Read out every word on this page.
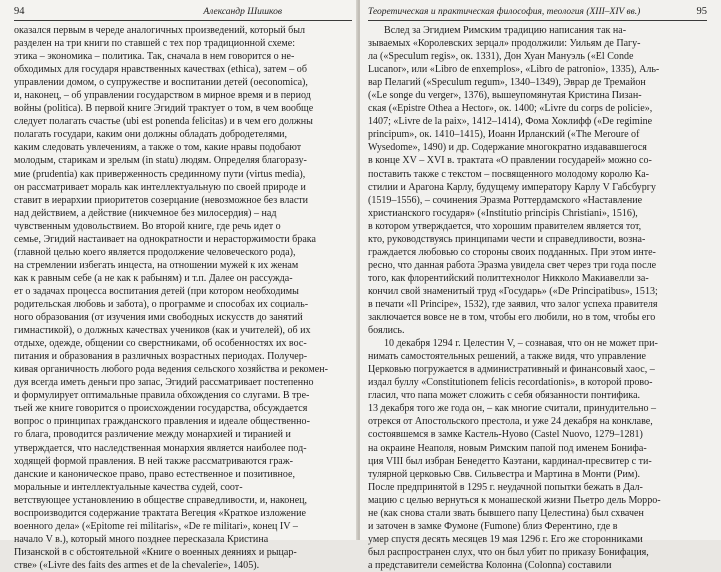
94	Александр Шишков

оказался первым в череде аналогичных произведений, который был

разделен на три книги по ставшей с тех пор традиционной схеме:

этика – экономика – политика. Так, сначала в нем говорится о не-

обходимых для государя нравственных качествах (ethica), затем – об

управлении домом, о супружестве и воспитании детей (oeconomica),

и, наконец, – об управлении государством в мирное время и в период

войны (politica). В первой книге Эгидий трактует о том, в чем вообще

следует полагать счастье (ubi est ponenda felicitas) и в чем его должны

полагать государи, каким они должны обладать добродетелями,

каким следовать увлечениям, а также о том, какие нравы подобают

молодым, старикам и зрелым (in statu) людям. Определяя благоразу-

мие (prudentia) как приверженность срединному пути (virtus media),

он рассматривает мораль как интеллектуальную по своей природе и

ставит в иерархии приоритетов созерцание (невозможное без власти

над действием, а действие (никчемное без милосердия) – над

чувственным удовольствием. Во второй книге, где речь идет о

семье, Эгидий настаивает на однократности и нерасторжимости брака

(главной целью коего является продолжение человеческого рода),

на стремлении избегать инцеста, на отношении мужей к их женам

как к равным себе (а не как к рабыням) и т.п. Далее он рассужда-

ет о задачах процесса воспитания детей (при котором необходимы

родительская любовь и забота), о программе и способах их социаль-

ного образования (от изучения ими свободных искусств до занятий

гимнастикой), о должных качествах учеников (как и учителей), об их

отдыхе, одежде, общении со сверстниками, об особенностях их вос-

питания и образования в различных возрастных периодах. Получер-

кивая органичность любого рода ведения сельского хозяйства и рекомен-

дуя всегда иметь деньги про запас, Эгидий рассматривает постепенно

и формулирует оптимальные правила обхождения со слугами. В тре-

тьей же книге говорится о происхождении государства, обсуждается

вопрос о принципах гражданского правления и идеале общественно-

го блага, проводится различение между монархией и тиранией и

утверждается, что наследственная монархия является наиболее под-

ходящей формой правления. В ней также рассматриваются граж-

данские и каноническое право, право естественное и позитивное,

моральные и интеллектуальные качества судей, соот-

ветствующее установлению в обществе справедливости, и, наконец,

воспроизводится содержание трактата Вегеция «Краткое изложение

военного дела» («Epitome rei militaris», «De re militari», конец IV –

начало V в.), который много позднее пересказала Кристина

Пизанской в с обстоятельной «Книге о военных деяниях и рыцар-

стве» («Livre des faits des armes et de la chevalerie», 1405).

Теоретическая и практическая философия, теология (XIII–XIV вв.)	95

Вслед за Эгидием Римским традицию написания так на-

зываемых «Королевских зерцал» продолжили: Уильям де Пагу-

ла («Speculum regis», ок. 1331), Дон Хуан Мануэль («El Conde

Lucanor», или «Libro de enxemplos», «Libro de patronio», 1335), Аль-

вар Пелагий («Speculum regum», 1340–1349), Эврар де Тремайон

(«Le songe du verger», 1376), вышеупомянутая Кристина Пизан-

ская («Epistre Othea a Hector», ок. 1400; «Livre du corps de policie»,

1407; «Livre de la paix», 1412–1414), Фома Хоклифф («De regimine

principum», ок. 1410–1415), Иоанн Ирланский («The Meroure of

Wysedome», 1490) и др. Содержание многократно издававшегося

в конце XV – XVI в. трактата «О правлении государей» можно со-

поставить также с текстом – посвященного молодому королю Ка-

стилии и Арагона Карлу, будущему императору Карлу V Габсбургу

(1519–1556), – сочинения Эразма Роттердамского «Наставление

христианского государя» («Institutio principis Christiani», 1516),

в котором утверждается, что хорошим правителем является тот,

кто, руководствуясь принципами чести и справедливости, возна-

граждается любовью со стороны своих подданных. При этом инте-

ресно, что данная работа Эразма увидела свет через три года после

того, как флорентийский политтехнолог Никколо Макиавелли за-

кончил свой знаменитый труд «Государь» («De Principatibus», 1513;

в печати «Il Principe», 1532), где заявил, что залог успеха правителя

заключается вовсе не в том, чтобы его любили, но в том, чтобы его

боялись.

10 декабря 1294 г. Целестин V, – сознавая, что он не может при-

нимать самостоятельных решений, а также видя, что управление

Церковью погружается в административный и финансовый хаос, –

издал буллу «Constitutionem felicis recordationis», в которой прово-

гласил, что папа может сложить с себя обязанности понтифика.

13 декабря того же года он, – как многие считали, принудительно –

отрекся от Апостольского престола, и уже 24 декабря на конклаве,

состоявшемся в замке Кастель-Нуово (Castel Nuovo, 1279–1281)

на окраине Неаполя, новым Римским папой под именем Бонифа-

ция VIII был избран Бенедетто Каэтани, кардинал-пресвитер с ти-

тулярной церковью Свв. Сильвестра и Мартина в Монти (Рим).

После предпринятой в 1295 г. неудачной попытки бежать в Дал-

мацию с целью вернуться к монашеской жизни Пьетро дель Морро-

не (как снова стали звать бывшего папу Целестина) был схвачен

и заточен в замке Фумоне (Fumone) близ Ферентино, где в

умер спустя десять месяцев 19 мая 1296 г. Его же сторонниками

был распространен слух, что он был убит по приказу Бонифация,

а представители семейства Колонна (Colonna) составили
